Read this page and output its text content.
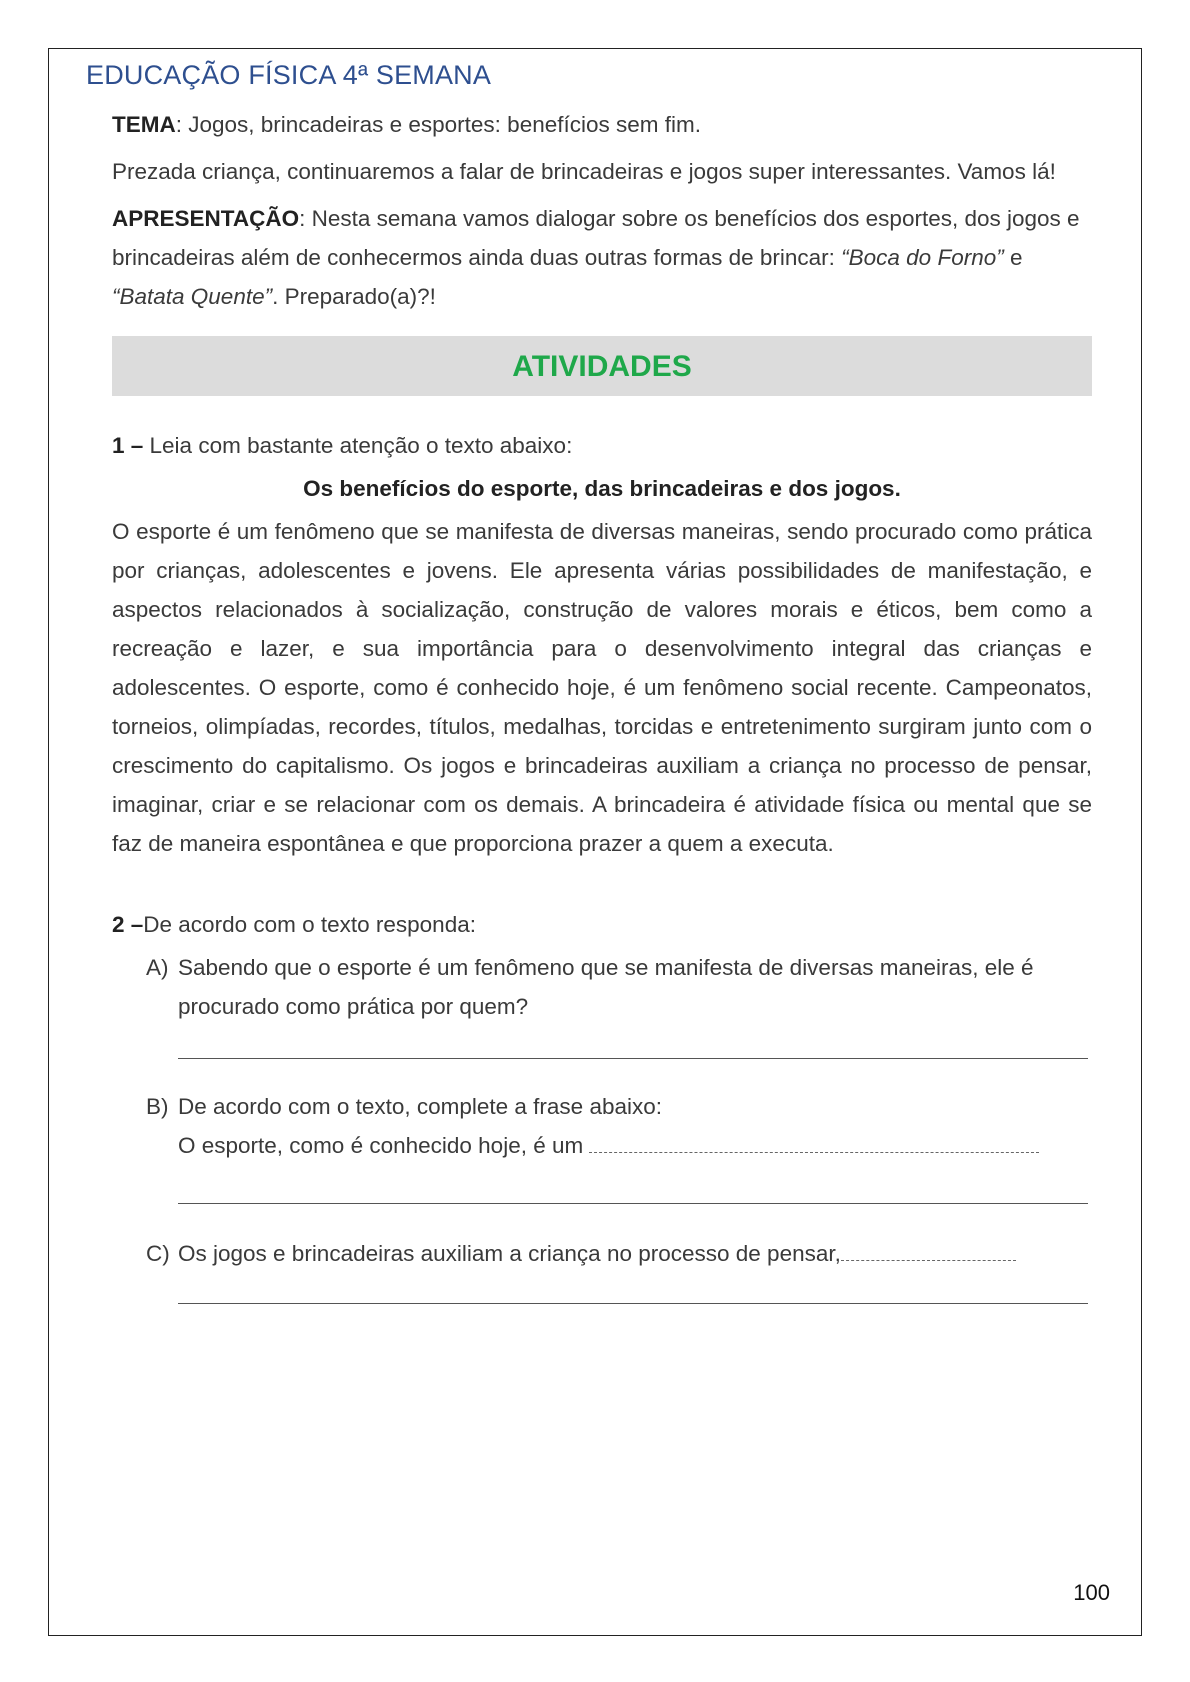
EDUCAÇÃO FÍSICA 4ª SEMANA

TEMA: Jogos, brincadeiras e esportes: benefícios sem fim.

Prezada criança, continuaremos a falar de brincadeiras e jogos super interessantes. Vamos lá!

APRESENTAÇÃO: Nesta semana vamos dialogar sobre os benefícios dos esportes, dos jogos e brincadeiras além de conhecermos ainda duas outras formas de brincar: “Boca do Forno” e “Batata Quente”. Preparado(a)?!

ATIVIDADES

1 – Leia com bastante atenção o texto abaixo:

Os benefícios do esporte, das brincadeiras e dos jogos.

O esporte é um fenômeno que se manifesta de diversas maneiras, sendo procurado como prática por crianças, adolescentes e jovens. Ele apresenta várias possibilidades de manifestação, e aspectos relacionados à socialização, construção de valores morais e éticos, bem como a recreação e lazer, e sua importância para o desenvolvimento integral das crianças e adolescentes. O esporte, como é conhecido hoje, é um fenômeno social recente. Campeonatos, torneios, olimpíadas, recordes, títulos, medalhas, torcidas e entretenimento surgiram junto com o crescimento do capitalismo. Os jogos e brincadeiras auxiliam a criança no processo de pensar, imaginar, criar e se relacionar com os demais. A brincadeira é atividade física ou mental que se faz de maneira espontânea e que proporciona prazer a quem a executa.

2 –De acordo com o texto responda:

A) Sabendo que o esporte é um fenômeno que se manifesta de diversas maneiras, ele é procurado como prática por quem?
B) De acordo com o texto, complete a frase abaixo:
O esporte, como é conhecido hoje, é um
C) Os jogos e brincadeiras auxiliam a criança no processo de pensar,
100
